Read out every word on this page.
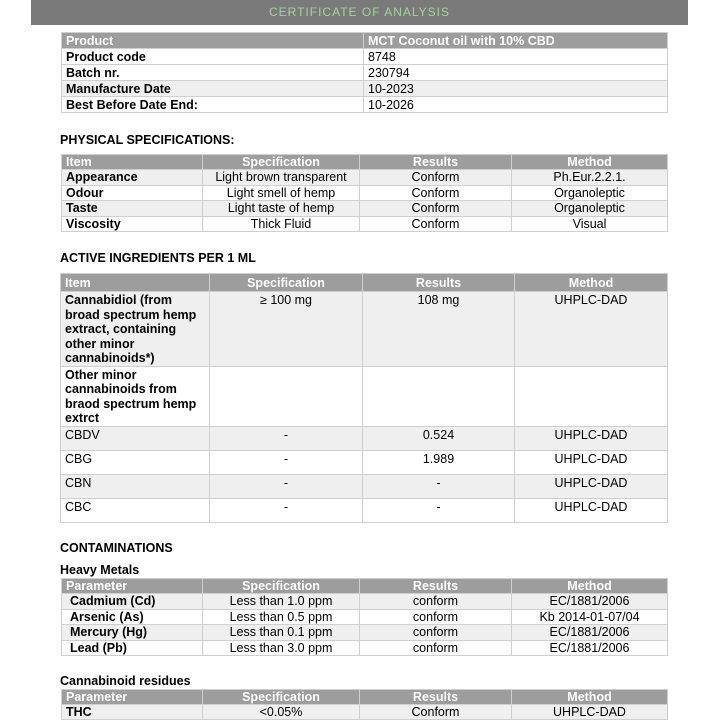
CERTIFICATE OF ANALYSIS
Product	MCT Coconut oil with 10% CBD
Product code	8748
Batch nr.	230794
Manufacture Date	10-2023
Best Before Date End:	10-2026
PHYSICAL SPECIFICATIONS:
Item	Specification	Results	Method
Appearance	Light brown transparent	Conform	Ph.Eur.2.2.1.
Odour	Light smell of hemp	Conform	Organoleptic
Taste	Light taste of hemp	Conform	Organoleptic
Viscosity	Thick Fluid	Conform	Visual
ACTIVE INGREDIENTS PER 1 ML
Item	Specification	Results	Method
Cannabidiol (from broad spectrum hemp extract, containing other minor cannabinoids*)	≥ 100 mg	108 mg	UHPLC-DAD
Other minor cannabinoids from braod spectrum hemp extrct			
CBDV	-	0.524	UHPLC-DAD
CBG	-	1.989	UHPLC-DAD
CBN	-	-	UHPLC-DAD
CBC	-	-	UHPLC-DAD
CONTAMINATIONS
Heavy Metals
Parameter	Specification	Results	Method
Cadmium (Cd)	Less than 1.0 ppm	conform	EC/1881/2006
Arsenic (As)	Less than 0.5 ppm	conform	Kb 2014-01-07/04
Mercury (Hg)	Less than 0.1 ppm	conform	EC/1881/2006
Lead (Pb)	Less than 3.0 ppm	conform	EC/1881/2006
Cannabinoid residues
Parameter	Specification	Results	Method
THC	<0.05%	Conform	UHPLC-DAD
